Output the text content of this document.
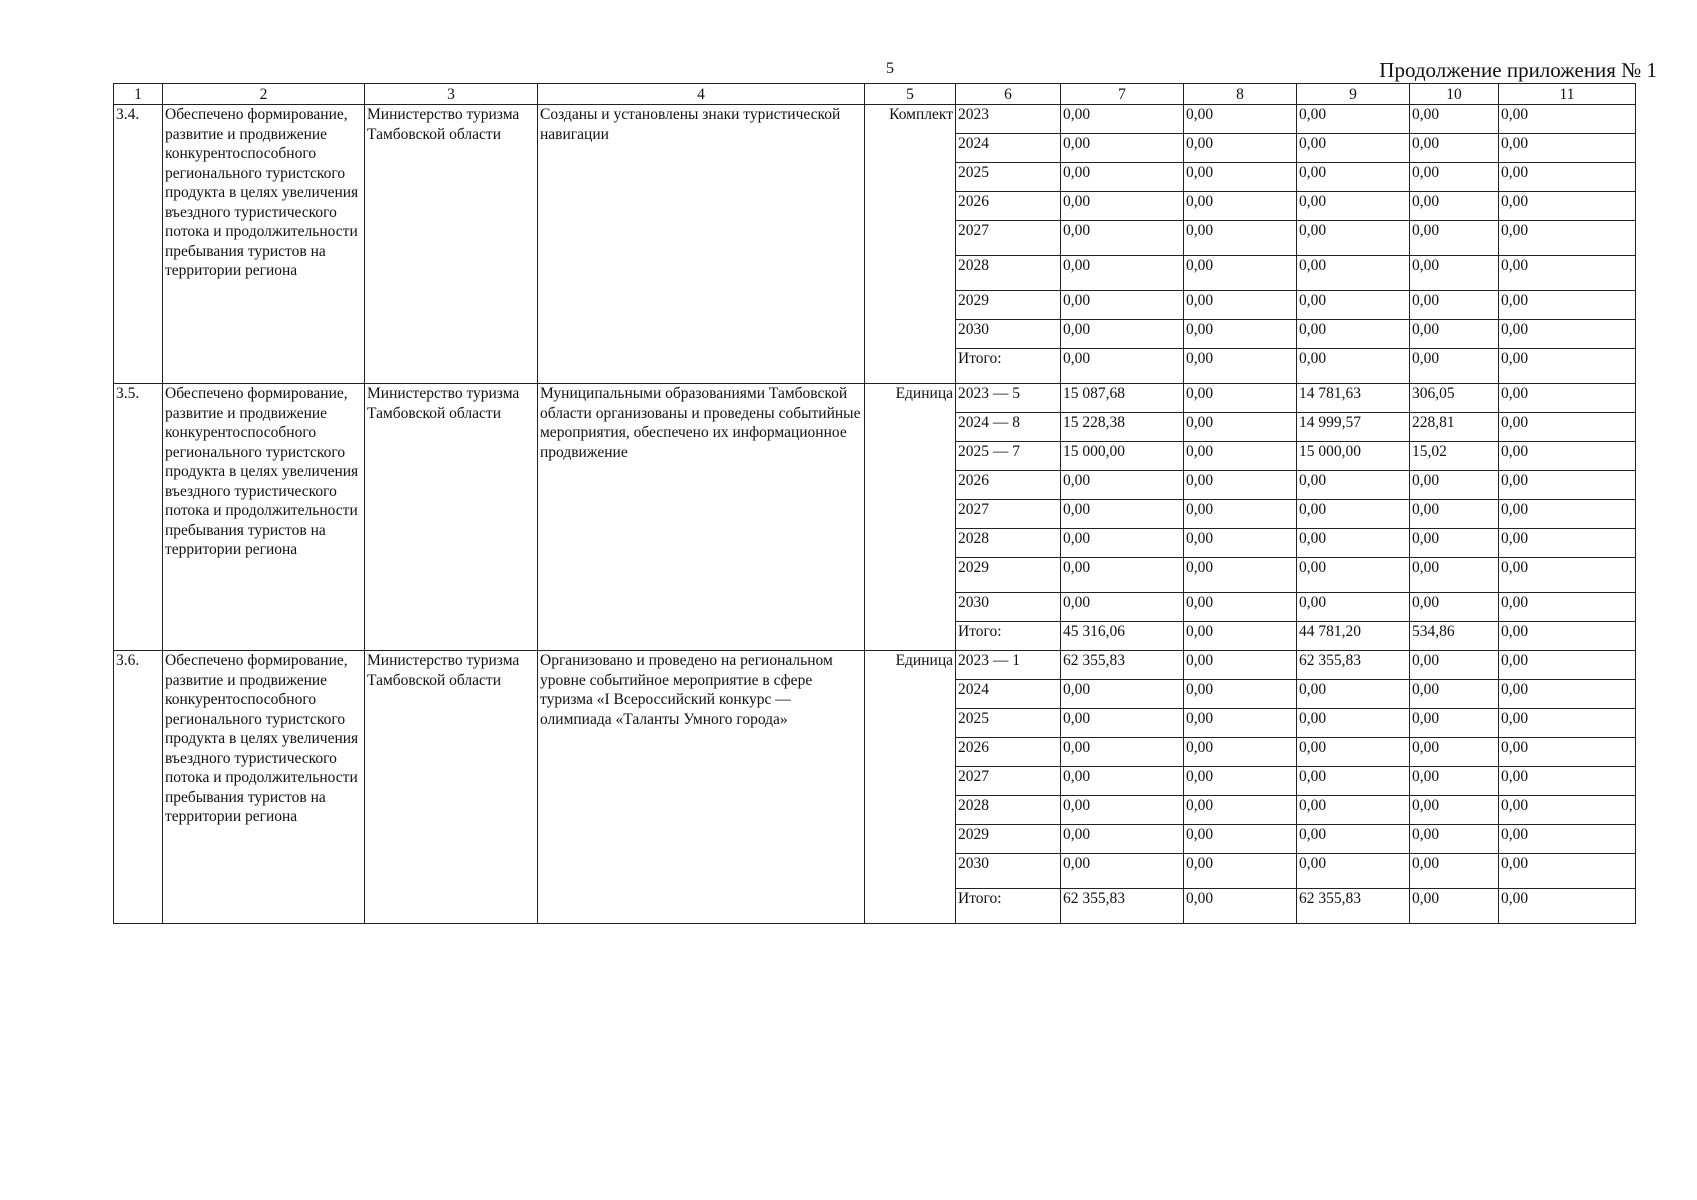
5	Продолжение приложения № 1
1	2	3	4	5	6	7	8	9	10	11
3.4.	Обеспечено формирование, развитие и продвижение конкурентоспособного регионального туристского продукта в целях увеличения въездного туристического потока и продолжительности пребывания туристов на территории региона	Министерство туризма Тамбовской области	Созданы и установлены знаки туристической навигации	Комплект	2023	0,00	0,00	0,00	0,00	0,00
					2024	0,00	0,00	0,00	0,00	0,00
					2025	0,00	0,00	0,00	0,00	0,00
					2026	0,00	0,00	0,00	0,00	0,00
					2027	0,00	0,00	0,00	0,00	0,00
					2028	0,00	0,00	0,00	0,00	0,00
					2029	0,00	0,00	0,00	0,00	0,00
					2030	0,00	0,00	0,00	0,00	0,00
					Итого:	0,00	0,00	0,00	0,00	0,00
3.5.	Обеспечено формирование, развитие и продвижение конкурентоспособного регионального туристского продукта в целях увеличения въездного туристического потока и продолжительности пребывания туристов на территории региона	Министерство туризма Тамбовской области	Муниципальными образованиями Тамбовской области организованы и проведены событийные мероприятия, обеспечено их информационное продвижение	Единица	2023 — 5	15 087,68	0,00	14 781,63	306,05	0,00
					2024 — 8	15 228,38	0,00	14 999,57	228,81	0,00
					2025 — 7	15 000,00	0,00	15 000,00	15,02	0,00
					2026	0,00	0,00	0,00	0,00	0,00
					2027	0,00	0,00	0,00	0,00	0,00
					2028	0,00	0,00	0,00	0,00	0,00
					2029	0,00	0,00	0,00	0,00	0,00
					2030	0,00	0,00	0,00	0,00	0,00
					Итого:	45 316,06	0,00	44 781,20	534,86	0,00
3.6.	Обеспечено формирование, развитие и продвижение конкурентоспособного регионального туристского продукта в целях увеличения въездного туристического потока и продолжительности пребывания туристов на территории региона	Министерство туризма Тамбовской области	Организовано и проведено на региональном уровне событийное мероприятие в сфере туризма «I Всероссийский конкурс — олимпиада «Таланты Умного города»	Единица	2023 — 1	62 355,83	0,00	62 355,83	0,00	0,00
					2024	0,00	0,00	0,00	0,00	0,00
					2025	0,00	0,00	0,00	0,00	0,00
					2026	0,00	0,00	0,00	0,00	0,00
					2027	0,00	0,00	0,00	0,00	0,00
					2028	0,00	0,00	0,00	0,00	0,00
					2029	0,00	0,00	0,00	0,00	0,00
					2030	0,00	0,00	0,00	0,00	0,00
					Итого:	62 355,83	0,00	62 355,83	0,00	0,00
